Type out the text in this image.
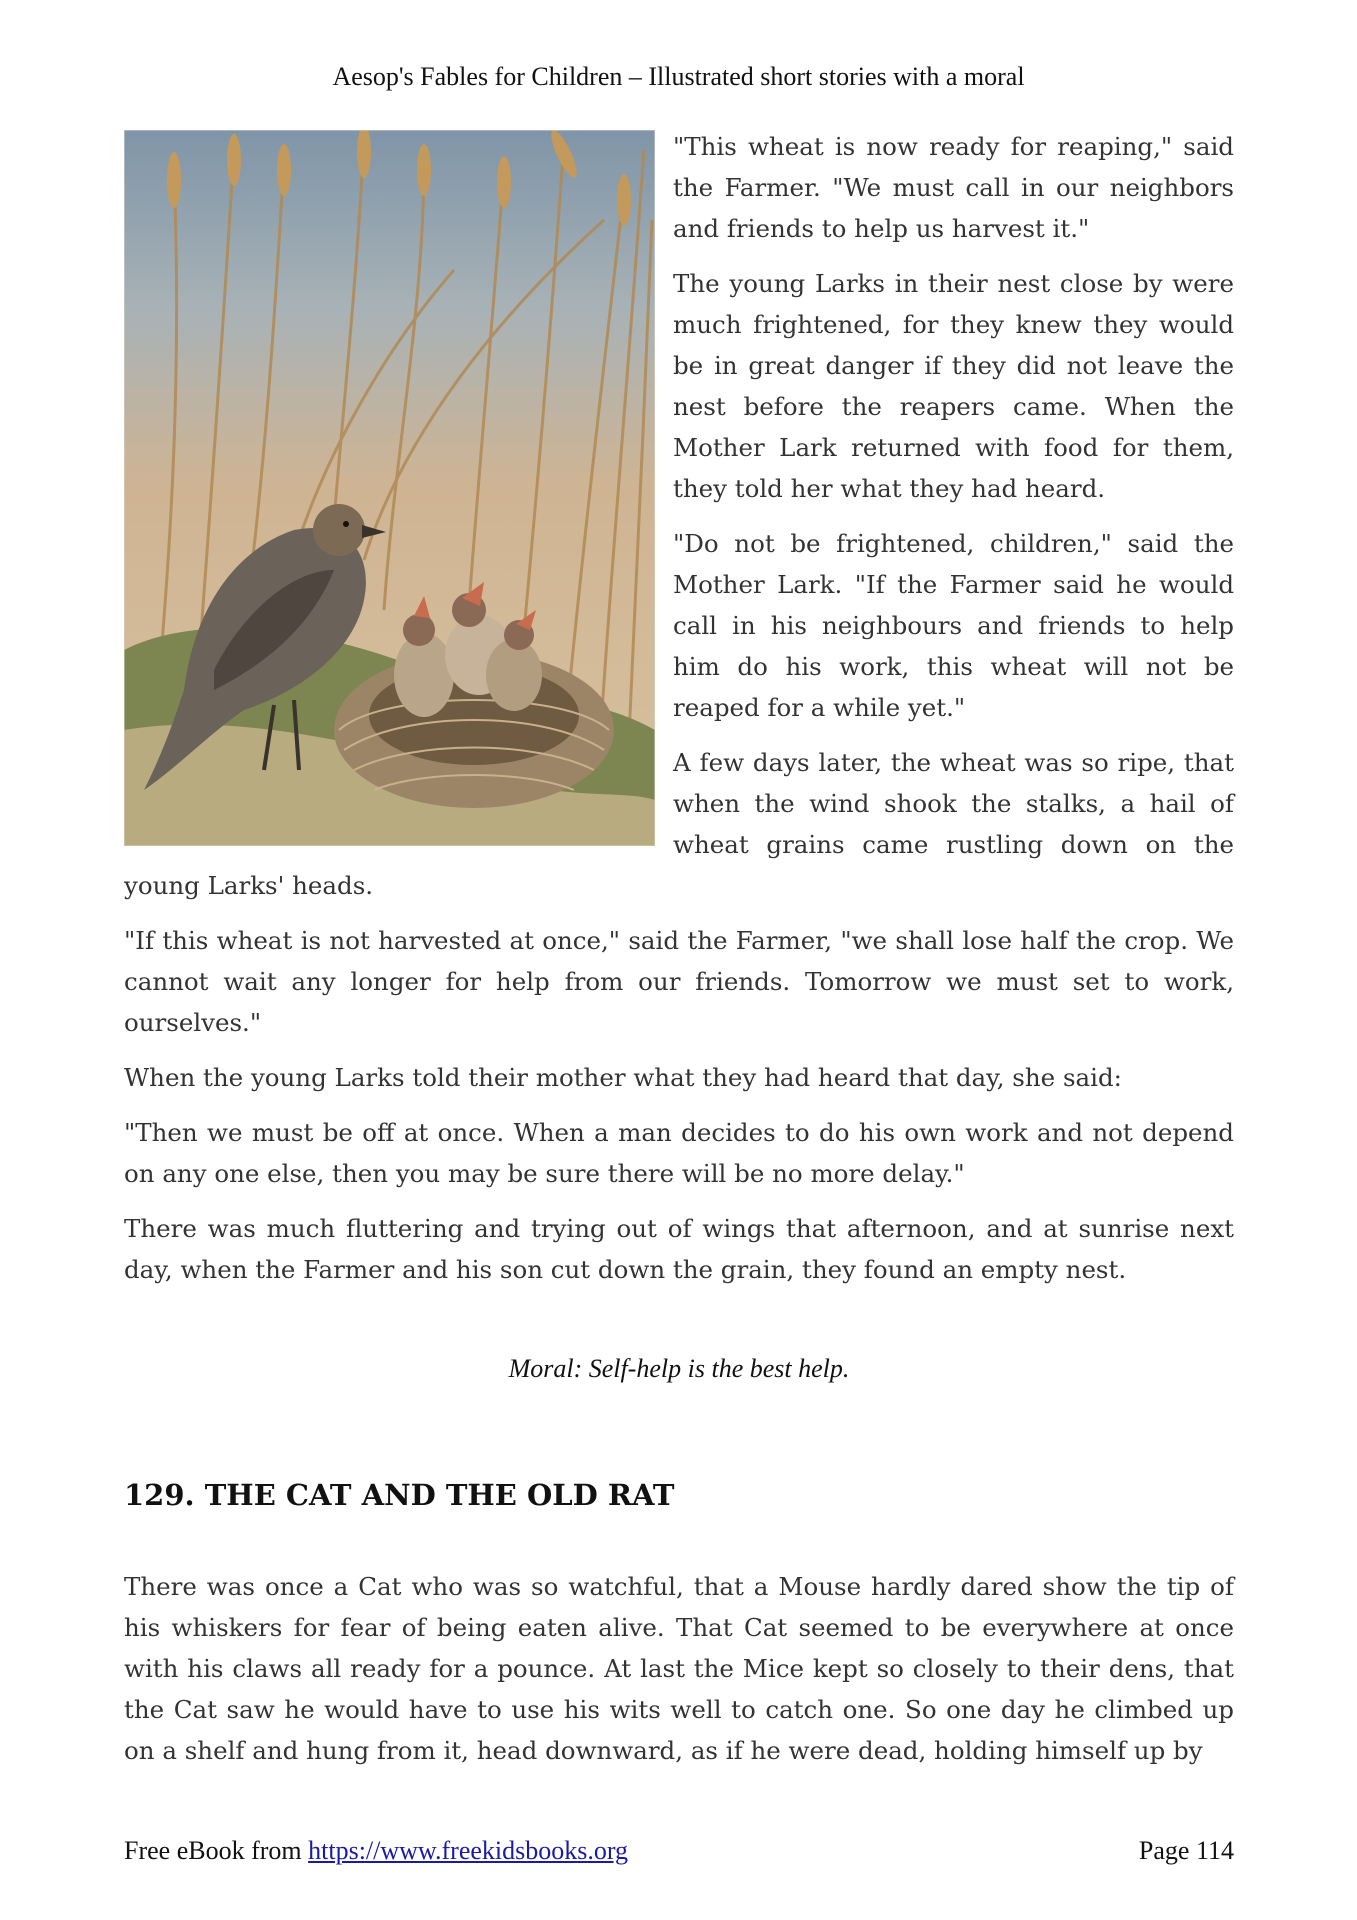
Aesop's Fables for Children – Illustrated short stories with a moral

"This wheat is now ready for reaping," said the Farmer. "We must call in our neighbors and friends to help us harvest it."

The young Larks in their nest close by were much frightened, for they knew they would be in great danger if they did not leave the nest before the reapers came. When the Mother Lark returned with food for them, they told her what they had heard.

"Do not be frightened, children," said the Mother Lark. "If the Farmer said he would call in his neighbours and friends to help him do his work, this wheat will not be reaped for a while yet."

A few days later, the wheat was so ripe, that when the wind shook the stalks, a hail of wheat grains came rustling down on the young Larks' heads.

"If this wheat is not harvested at once," said the Farmer, "we shall lose half the crop. We cannot wait any longer for help from our friends. Tomorrow we must set to work, ourselves."

When the young Larks told their mother what they had heard that day, she said:

"Then we must be off at once. When a man decides to do his own work and not depend on any one else, then you may be sure there will be no more delay."

There was much fluttering and trying out of wings that afternoon, and at sunrise next day, when the Farmer and his son cut down the grain, they found an empty nest.

Moral: Self-help is the best help.
129. THE CAT AND THE OLD RAT

There was once a Cat who was so watchful, that a Mouse hardly dared show the tip of his whiskers for fear of being eaten alive. That Cat seemed to be everywhere at once with his claws all ready for a pounce. At last the Mice kept so closely to their dens, that the Cat saw he would have to use his wits well to catch one. So one day he climbed up on a shelf and hung from it, head downward, as if he were dead, holding himself up by

Free eBook from https://www.freekidsbooks.org	Page 114
